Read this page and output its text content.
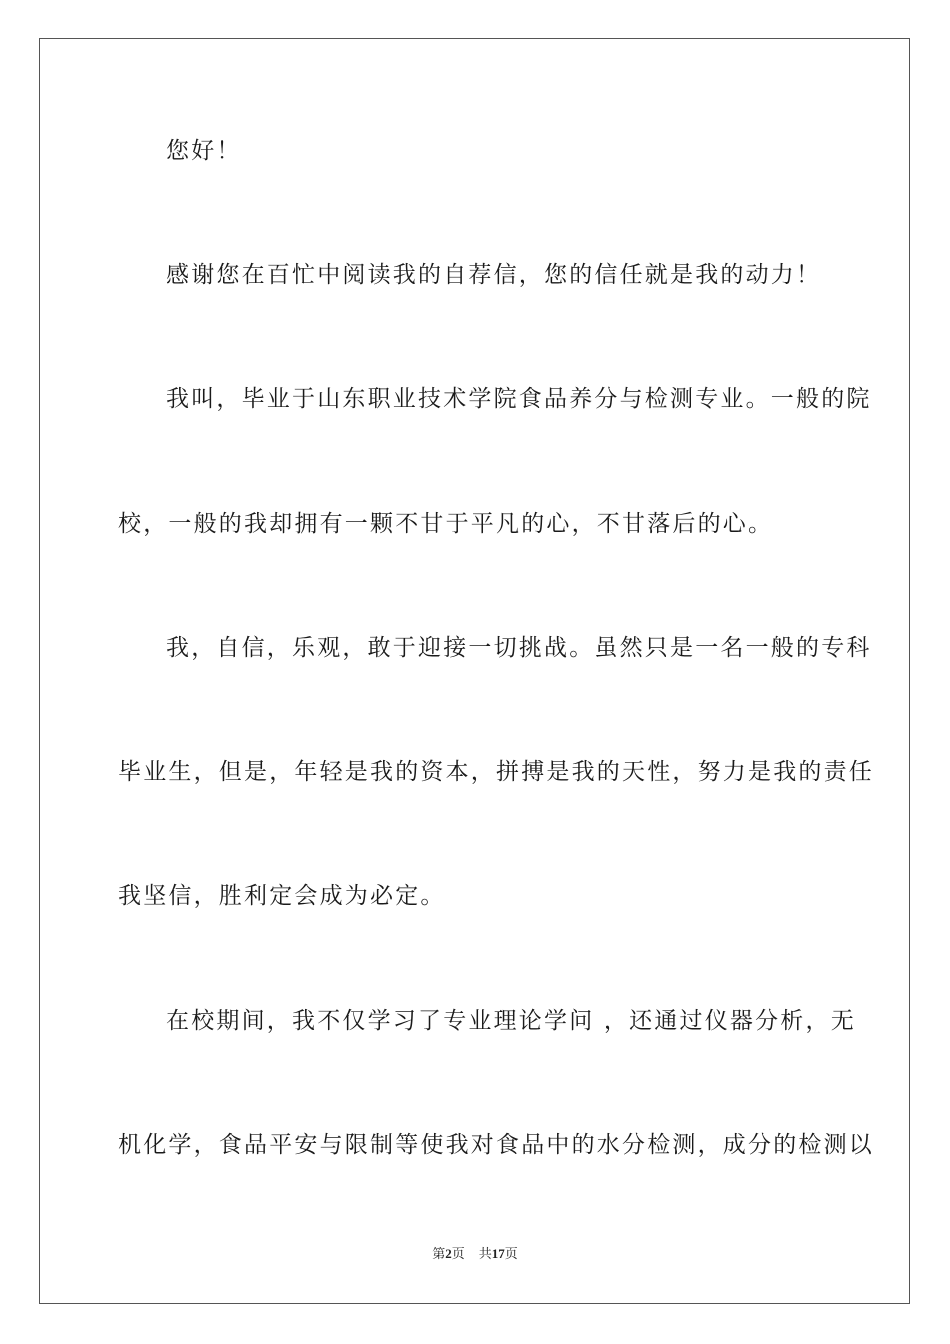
您好！
感谢您在百忙中阅读我的自荐信，您的信任就是我的动力！
我叫，毕业于山东职业技术学院食品养分与检测专业。一般的院
校，一般的我却拥有一颗不甘于平凡的心，不甘落后的心。
我，自信，乐观，敢于迎接一切挑战。虽然只是一名一般的专科
毕业生，但是，年轻是我的资本，拼搏是我的天性，努力是我的责任
我坚信，胜利定会成为必定。
在校期间，我不仅学习了专业理论学问 ，还通过仪器分析，无
机化学，食品平安与限制等使我对食品中的水分检测，成分的检测以
第2页 共17页
